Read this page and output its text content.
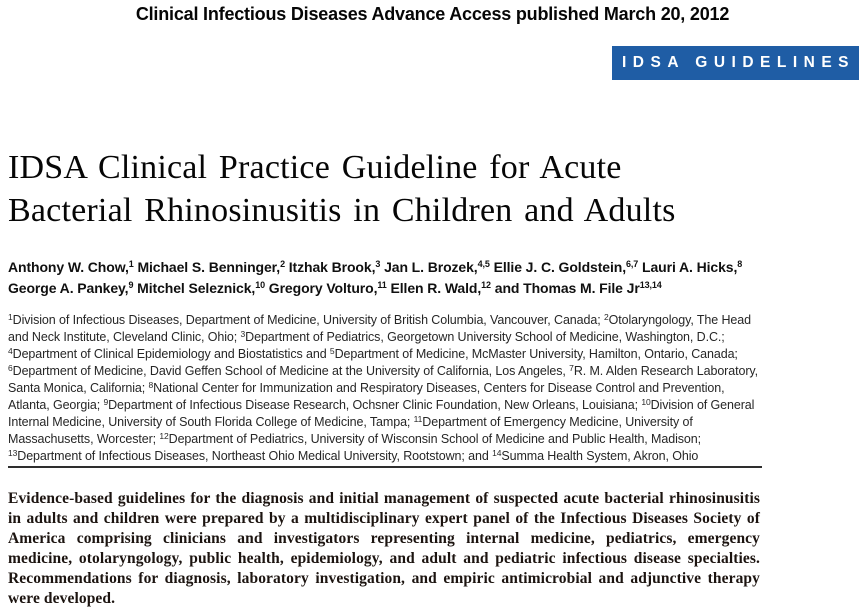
Clinical Infectious Diseases Advance Access published March 20, 2012
IDSA GUIDELINES
IDSA Clinical Practice Guideline for Acute
Bacterial Rhinosinusitis in Children and Adults
Anthony W. Chow,$^1$ Michael S. Benninger,$^2$ Itzhak Brook,$^3$ Jan L. Brozek,$^{4,5}$ Ellie J. C. Goldstein,$^{6,7}$ Lauri A. Hicks,$^8$
George A. Pankey,$^9$ Mitchel Seleznick,$^{10}$ Gregory Volturo,$^{11}$ Ellen R. Wald,$^{12}$ and Thomas M. File Jr$^{13,14}$
$^1$Division of Infectious Diseases, Department of Medicine, University of British Columbia, Vancouver, Canada; $^2$Otolaryngology, The Head and Neck Institute, Cleveland Clinic, Ohio; $^3$Department of Pediatrics, Georgetown University School of Medicine, Washington, D.C.; $^4$Department of Clinical Epidemiology and Biostatistics and $^5$Department of Medicine, McMaster University, Hamilton, Ontario, Canada; $^6$Department of Medicine, David Geffen School of Medicine at the University of California, Los Angeles, $^7$R. M. Alden Research Laboratory, Santa Monica, California; $^8$National Center for Immunization and Respiratory Diseases, Centers for Disease Control and Prevention, Atlanta, Georgia; $^9$Department of Infectious Disease Research, Ochsner Clinic Foundation, New Orleans, Louisiana; $^{10}$Division of General Internal Medicine, University of South Florida College of Medicine, Tampa; $^{11}$Department of Emergency Medicine, University of Massachusetts, Worcester; $^{12}$Department of Pediatrics, University of Wisconsin School of Medicine and Public Health, Madison; $^{13}$Department of Infectious Diseases, Northeast Ohio Medical University, Rootstown; and $^{14}$Summa Health System, Akron, Ohio
Evidence-based guidelines for the diagnosis and initial management of suspected acute bacterial rhinosinusitis in adults and children were prepared by a multidisciplinary expert panel of the Infectious Diseases Society of America comprising clinicians and investigators representing internal medicine, pediatrics, emergency medicine, otolaryngology, public health, epidemiology, and adult and pediatric infectious disease specialties. Recommendations for diagnosis, laboratory investigation, and empiric antimicrobial and adjunctive therapy were developed.
